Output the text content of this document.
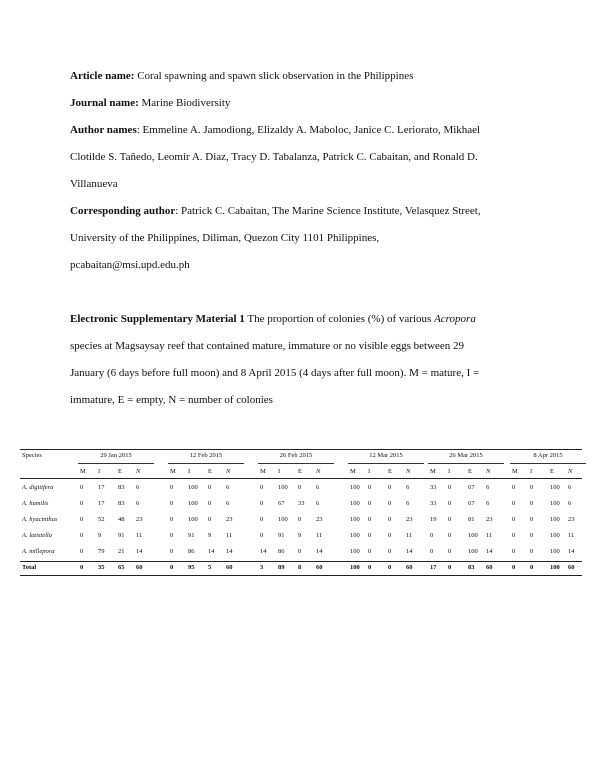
Article name: Coral spawning and spawn slick observation in the Philippines
Journal name: Marine Biodiversity
Author names: Emmeline A. Jamodiong, Elizaldy A. Maboloc, Janice C. Leriorato, Mikhael
Clotilde S. Tañedo, Leomir A. Diaz, Tracy D. Tabalanza, Patrick C. Cabaitan, and Ronald D.
Villanueva
Corresponding author: Patrick C. Cabaitan, The Marine Science Institute, Velasquez Street,
University of the Philippines, Diliman, Quezon City 1101 Philippines,
pcabaitan@msi.upd.edu.ph
Electronic Supplementary Material 1 The proportion of colonies (%) of various Acropora
species at Magsaysay reef that contained mature, immature or no visible eggs between 29
January (6 days before full moon) and 8 April 2015 (4 days after full moon). M = mature, I =
immature, E = empty, N = number of colonies
Species	29 Jan 2015	12 Feb 2015	26 Feb 2015	12 Mar 2015	26 Mar 2015	8 Apr 2015
M	I	E	N	M	I	E	N	M	I	E	N	M	I	E	N	M	I	E	N	M	I	E	N
A. digitifera	0	17	83	6	0	100	0	6	0	100	0	6	100	0	0	6	33	0	67	6	0	0	100	6
A. humilis	0	17	83	6	0	100	0	6	0	67	33	6	100	0	0	6	33	0	67	6	0	0	100	6
A. hyacinthus	0	52	48	23	0	100	0	23	0	100	0	23	100	0	0	23	19	0	81	23	0	0	100	23
A. latistella	0	9	91	11	0	91	9	11	0	91	9	11	100	0	0	11	0	0	100	11	0	0	100	11
A. millepora	0	79	21	14	0	86	14	14	14	86	0	14	100	0	0	14	0	0	100	14	0	0	100	14
Total	0	35	65	60	0	95	5	60	3	89	8	60	100	0	0	60	17	0	83	60	0	0	100	60
